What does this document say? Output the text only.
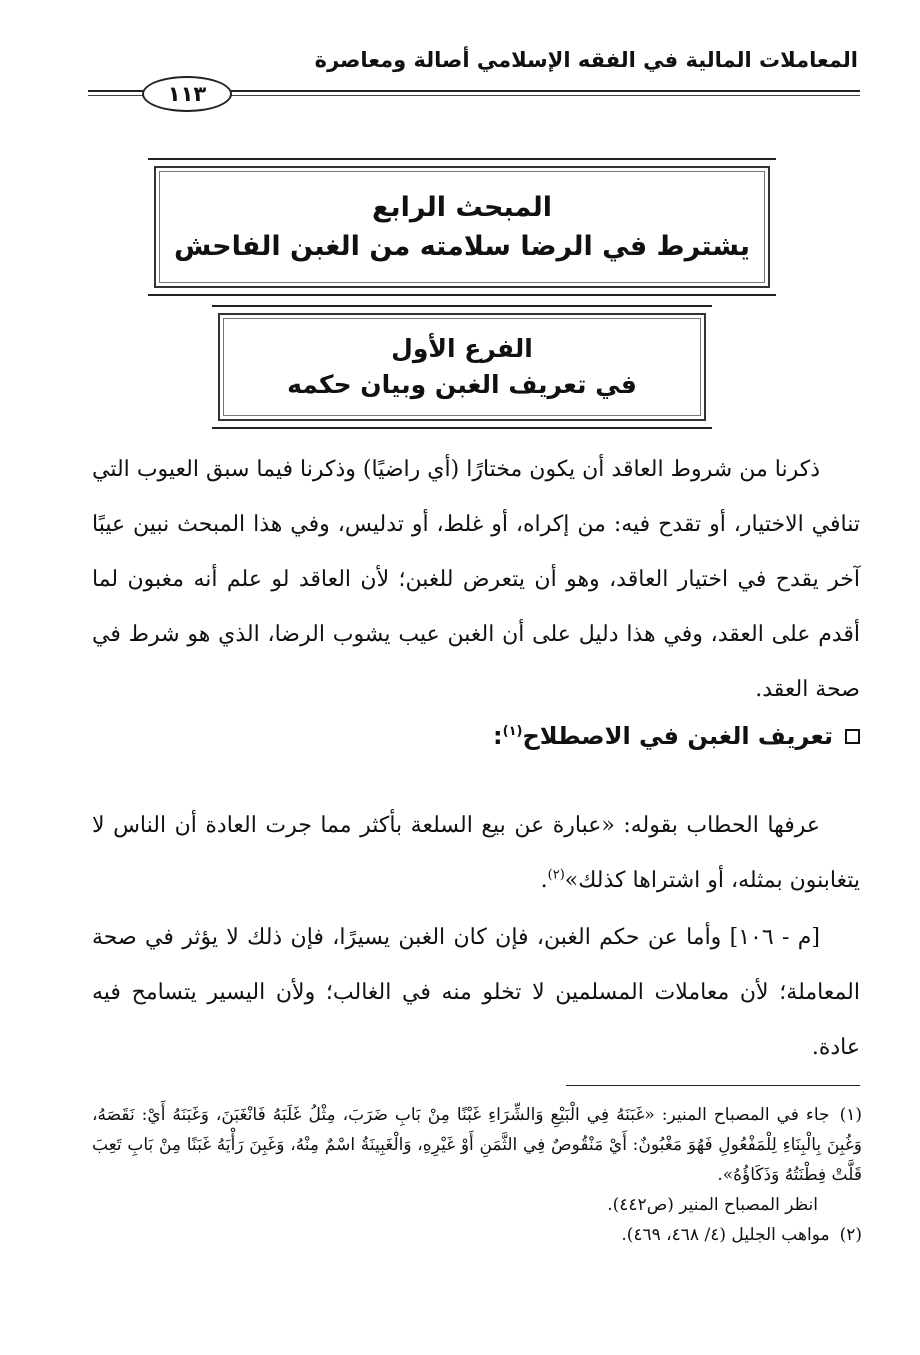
المعاملات المالية في الفقه الإسلامي أصالة ومعاصرة
١١٣
المبحث الرابع
يشترط في الرضا سلامته من الغبن الفاحش
الفرع الأول
في تعريف الغبن وبيان حكمه

ذكرنا من شروط العاقد أن يكون مختارًا (أي راضيًا) وذكرنا فيما سبق العيوب التي تنافي الاختيار، أو تقدح فيه: من إكراه، أو غلط، أو تدليس، وفي هذا المبحث نبين عيبًا آخر يقدح في اختيار العاقد، وهو أن يتعرض للغبن؛ لأن العاقد لو علم أنه مغبون لما أقدم على العقد، وفي هذا دليل على أن الغبن عيب يشوب الرضا، الذي هو شرط في صحة العقد.

تعريف الغبن في الاصطلاح$^{(١)}$:

عرفها الحطاب بقوله: «عبارة عن بيع السلعة بأكثر مما جرت العادة أن الناس لا يتغابنون بمثله، أو اشتراها كذلك»$^{(٢)}$.

[م - ١٠٦] وأما عن حكم الغبن، فإن كان الغبن يسيرًا، فإن ذلك لا يؤثر في صحة المعاملة؛ لأن معاملات المسلمين لا تخلو منه في الغالب؛ ولأن اليسير يتسامح فيه عادة.

(١)جاء في المصباح المنير: «غَبَنَهُ فِي الْبَيْعِ وَالشِّرَاءِ غَبْنًا مِنْ بَابِ ضَرَبَ، مِثْلُ غَلَبَهُ فَانْغَبَنَ، وَغَبَنَهُ أَيْ: نَقَصَهُ، وَغُبِنَ بِالْبِنَاءِ لِلْمَفْعُولِ فَهُوَ مَغْبُونٌ: أَيْ مَنْقُوصٌ فِي الثَّمَنِ أَوْ غَيْرِهِ، وَالْغَبِينَةُ اسْمٌ مِنْهُ، وَغَبِنَ رَأْيَهُ غَبَنًا مِنْ بَابِ تَعِبَ قَلَّتْ فِطْنَتُهُ وَذَكَاؤُهُ».

انظر المصباح المنير (ص٤٤٢).

(٢)مواهب الجليل (٤/ ٤٦٨، ٤٦٩).
